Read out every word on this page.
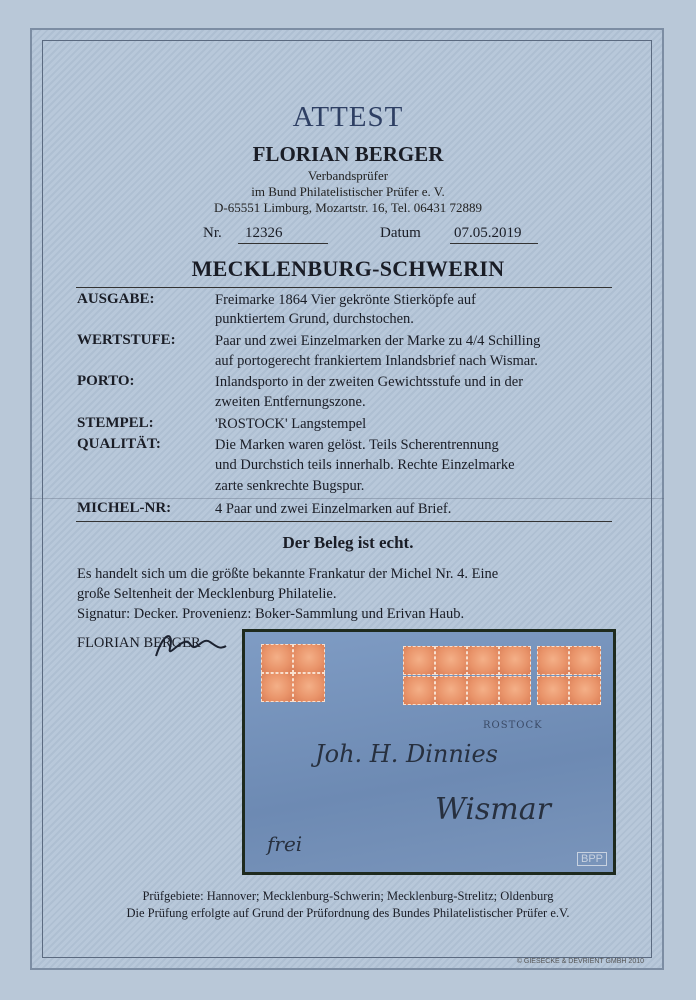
ATTEST
FLORIAN BERGER
Verbandsprüfer
im Bund Philatelistischer Prüfer e. V.
D-65551 Limburg, Mozartstr. 16, Tel. 06431 72889
Nr. 12326	Datum 07.05.2019
MECKLENBURG-SCHWERIN
AUSGABE:	Freimarke 1864 Vier gekrönte Stierköpfe auf
punktiertem Grund, durchstochen.
WERTSTUFE:	Paar und zwei Einzelmarken der Marke zu 4/4 Schilling
auf portogerecht frankiertem Inlandsbrief nach Wismar.
PORTO:	Inlandsporto in der zweiten Gewichtsstufe und in der
zweiten Entfernungszone.
STEMPEL:	'ROSTOCK' Langstempel
QUALITÄT:	Die Marken waren gelöst. Teils Scherentrennung
und Durchstich teils innerhalb. Rechte Einzelmarke
zarte senkrechte Bugspur.
MICHEL-NR:	4 Paar und zwei Einzelmarken auf Brief.
Der Beleg ist echt.
Es handelt sich um die größte bekannte Frankatur der Michel Nr. 4. Eine
große Seltenheit der Mecklenburg Philatelie.
Signatur: Decker. Provenienz: Boker-Sammlung und Erivan Haub.
FLORIAN BERGER
ROSTOCK
Joh. H. Dinnies
Wismar
frei
BPP
Prüfgebiete: Hannover; Mecklenburg-Schwerin; Mecklenburg-Strelitz; Oldenburg
Die Prüfung erfolgte auf Grund der Prüfordnung des Bundes Philatelistischer Prüfer e.V.
© GIESECKE & DEVRIENT GMBH 2010
